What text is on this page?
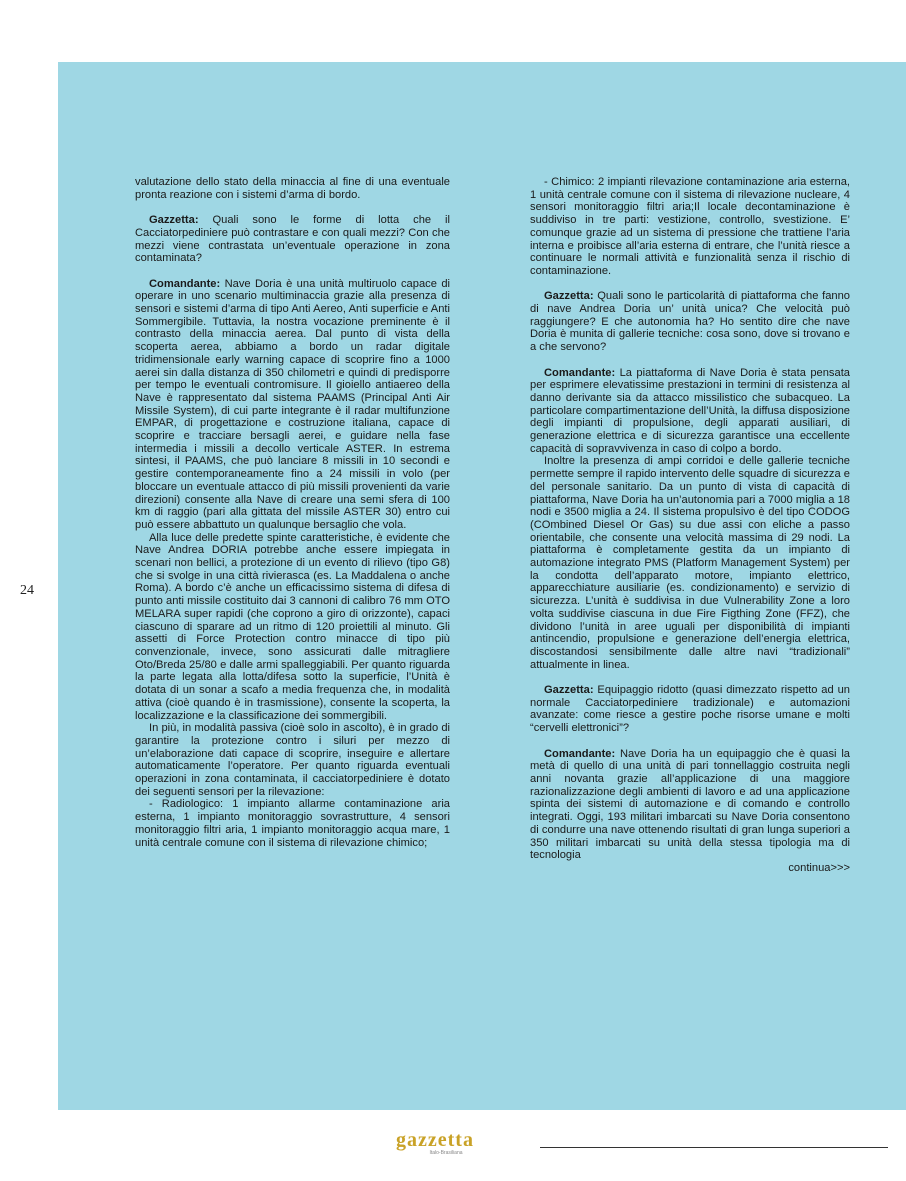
24

valutazione dello stato della minaccia al fine di una eventuale pronta reazione con i sistemi d’arma di bordo.

Gazzetta: Quali sono le forme di lotta che il Cacciatorpediniere può contrastare e con quali mezzi? Con che mezzi viene contrastata un’eventuale operazione in zona contaminata?

Comandante: Nave Doria è una unità multiruolo capace di operare in uno scenario multiminaccia grazie alla presenza di sensori e sistemi d’arma di tipo Anti Aereo, Anti superficie e Anti Sommergibile. Tuttavia, la nostra vocazione preminente è il contrasto della minaccia aerea. Dal punto di vista della scoperta aerea, abbiamo a bordo un radar digitale tridimensionale early warning capace di scoprire fino a 1000 aerei sin dalla distanza di 350 chilometri e quindi di predisporre per tempo le eventuali contromisure. Il gioiello antiaereo della Nave è rappresentato dal sistema PAAMS (Principal Anti Air Missile System), di cui parte integrante è il radar multifunzione EMPAR, di progettazione e costruzione italiana, capace di scoprire e tracciare bersagli aerei, e guidare nella fase intermedia i missili a decollo verticale ASTER. In estrema sintesi, il PAAMS, che può lanciare 8 missili in 10 secondi e gestire contemporaneamente fino a 24 missili in volo (per bloccare un eventuale attacco di più missili provenienti da varie direzioni) consente alla Nave di creare una semi sfera di 100 km di raggio (pari alla gittata del missile ASTER 30) entro cui può essere abbattuto un qualunque bersaglio che vola.

Alla luce delle predette spinte caratteristiche, è evidente che Nave Andrea DORIA potrebbe anche essere impiegata in scenari non bellici, a protezione di un evento di rilievo (tipo G8) che si svolge in una città rivierasca (es. La Maddalena o anche Roma). A bordo c’è anche un efficacissimo sistema di difesa di punto anti missile costituito dai 3 cannoni di calibro 76 mm OTO MELARA super rapidi (che coprono a giro di orizzonte), capaci ciascuno di sparare ad un ritmo di 120 proiettili al minuto. Gli assetti di Force Protection contro minacce di tipo più convenzionale, invece, sono assicurati dalle mitragliere Oto/Breda 25/80 e dalle armi spalleggiabili. Per quanto riguarda la parte legata alla lotta/difesa sotto la superficie, l’Unità è dotata di un sonar a scafo a media frequenza che, in modalità attiva (cioè quando è in trasmissione), consente la scoperta, la localizzazione e la classificazione dei sommergibili.

In più, in modalità passiva (cioè solo in ascolto), è in grado di garantire la protezione contro i siluri per mezzo di un’elaborazione dati capace di scoprire, inseguire e allertare automaticamente l’operatore. Per quanto riguarda eventuali operazioni in zona contaminata, il cacciatorpediniere è dotato dei seguenti sensori per la rilevazione:

- Radiologico: 1 impianto allarme contaminazione aria esterna, 1 impianto monitoraggio sovrastrutture, 4 sensori monitoraggio filtri aria, 1 impianto monitoraggio acqua mare, 1 unità centrale comune con il sistema di rilevazione chimico;

- Chimico: 2 impianti rilevazione contaminazione aria esterna, 1 unità centrale comune con il sistema di rilevazione nucleare, 4 sensori monitoraggio filtri aria;Il locale decontaminazione è suddiviso in tre parti: vestizione, controllo, svestizione. E’ comunque grazie ad un sistema di pressione che trattiene l’aria interna e proibisce all’aria esterna di entrare, che l’unità riesce a continuare le normali attività e funzionalità senza il rischio di contaminazione.

Gazzetta: Quali sono le particolarità di piattaforma che fanno di nave Andrea Doria un’ unità unica? Che velocità può raggiungere? E che autonomia ha? Ho sentito dire che nave Doria è munita di gallerie tecniche: cosa sono, dove si trovano e a che servono?

Comandante: La piattaforma di Nave Doria è stata pensata per esprimere elevatissime prestazioni in termini di resistenza al danno derivante sia da attacco missilistico che subacqueo. La particolare compartimentazione dell’Unità, la diffusa disposizione degli impianti di propulsione, degli apparati ausiliari, di generazione elettrica e di sicurezza garantisce una eccellente capacità di sopravvivenza in caso di colpo a bordo.

Inoltre la presenza di ampi corridoi e delle gallerie tecniche permette sempre il rapido intervento delle squadre di sicurezza e del personale sanitario. Da un punto di vista di capacità di piattaforma, Nave Doria ha un’autonomia pari a 7000 miglia a 18 nodi e 3500 miglia a 24. Il sistema propulsivo è del tipo CODOG (COmbined Diesel Or Gas) su due assi con eliche a passo orientabile, che consente una velocità massima di 29 nodi. La piattaforma è completamente gestita da un impianto di automazione integrato PMS (Platform Management System) per la condotta dell’apparato motore, impianto elettrico, apparecchiature ausiliarie (es. condizionamento) e servizio di sicurezza. L’unità è suddivisa in due Vulnerability Zone a loro volta suddivise ciascuna in due Fire Figthing Zone (FFZ), che dividono l’unità in aree uguali per disponibilità di impianti antincendio, propulsione e generazione dell’energia elettrica, discostandosi sensibilmente dalle altre navi “tradizionali” attualmente in linea.

Gazzetta: Equipaggio ridotto (quasi dimezzato rispetto ad un normale Cacciatorpediniere tradizionale) e automazioni avanzate: come riesce a gestire poche risorse umane e molti “cervelli elettronici”?

Comandante: Nave Doria ha un equipaggio che è quasi la metà di quello di una unità di pari tonnellaggio costruita negli anni novanta grazie all’applicazione di una maggiore razionalizzazione degli ambienti di lavoro e ad una applicazione spinta dei sistemi di automazione e di comando e controllo integrati. Oggi, 193 militari imbarcati su Nave Doria consentono di condurre una nave ottenendo risultati di gran lunga superiori a 350 militari imbarcati su unità della stessa tipologia ma di tecnologia

continua>>>

gazzetta
Italo-Brasiliana
